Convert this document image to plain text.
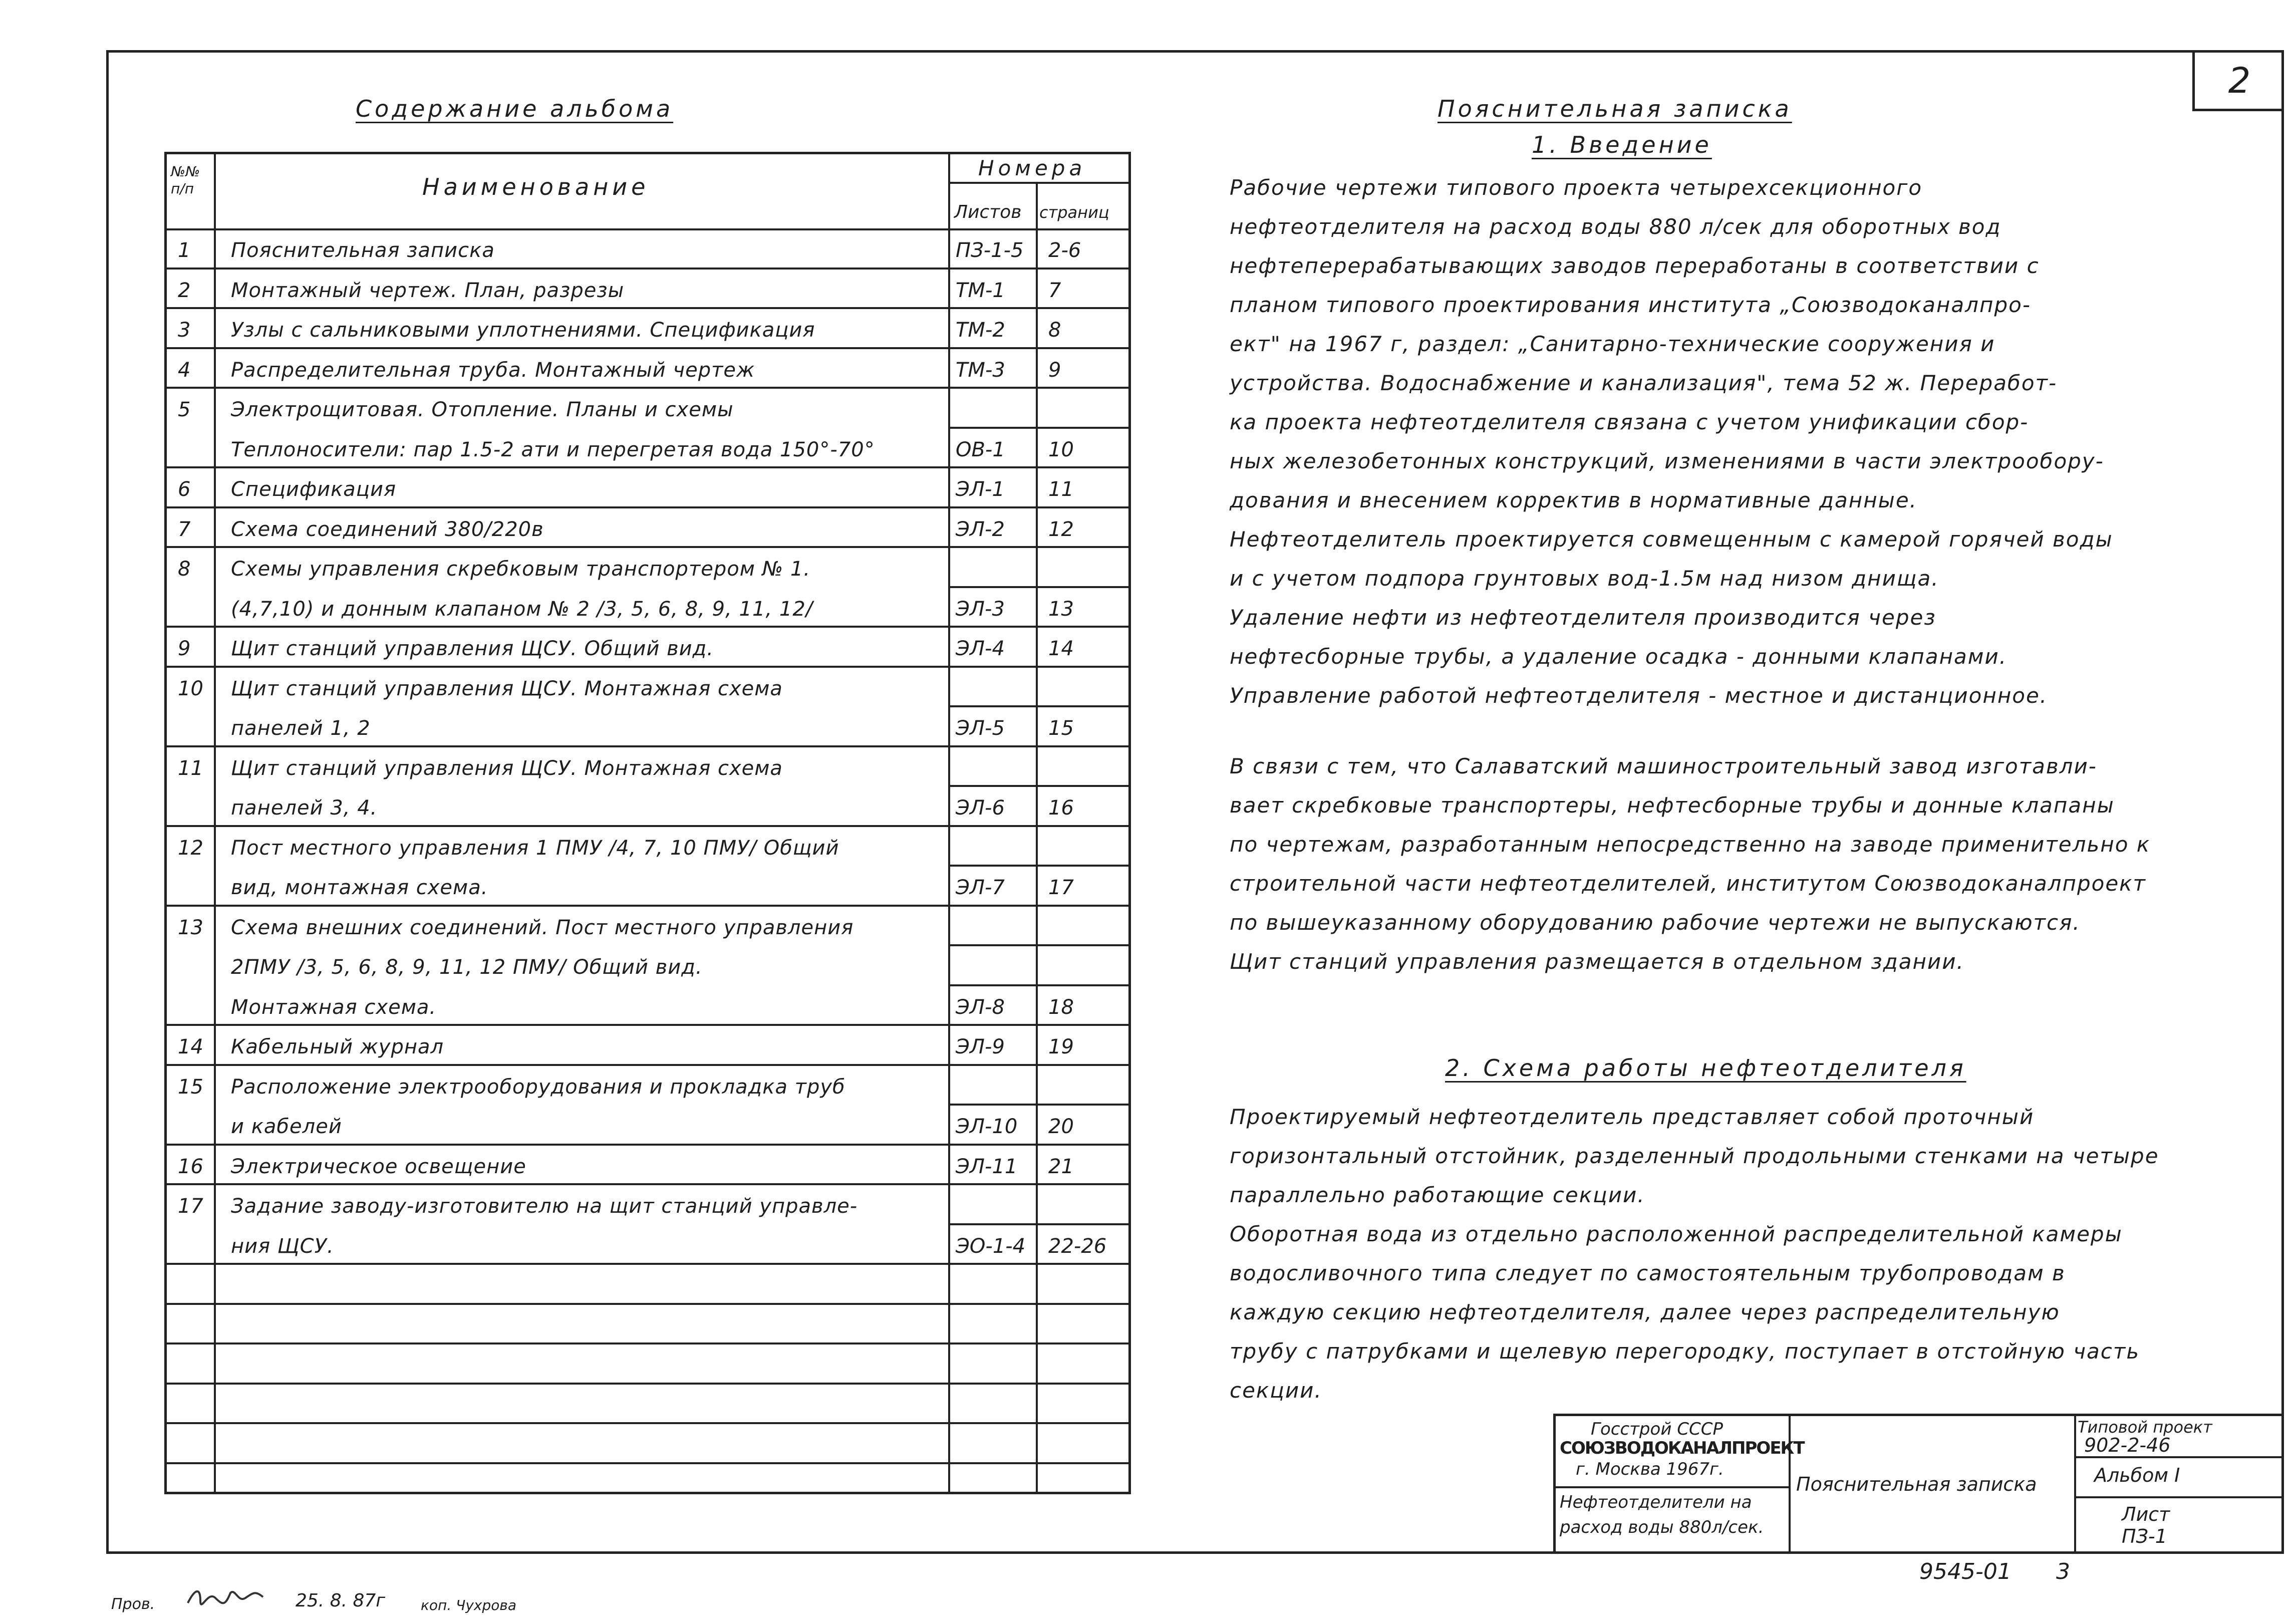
2
Содержание альбома
№№ п/п	Наименование
Номера
Листов страниц
1 Пояснительная записка	ПЗ-1-5 2-6
2 Монтажный чертеж. План, разрезы	ТМ-1 7
3 Узлы с сальниковыми уплотнениями. Спецификация	ТМ-2 8
4 Распределительная труба. Монтажный чертеж	ТМ-3 9
5 Электрощитовая. Отопление. Планы и схемы
Теплоносители: пар 1.5-2 ати и перегретая вода 150°-70°	ОВ-1 10
6 Спецификация	ЭЛ-1 11
7 Схема соединений 380/220в	ЭЛ-2 12
8 Схемы управления скребковым транспортером № 1.
(4,7,10) и донным клапаном № 2 /3, 5, 6, 8, 9, 11, 12/	ЭЛ-3 13
9 Щит станций управления ЩСУ. Общий вид.	ЭЛ-4 14
10 Щит станций управления ЩСУ. Монтажная схема
панелей 1, 2	ЭЛ-5 15
11 Щит станций управления ЩСУ. Монтажная схема
панелей 3, 4.	ЭЛ-6 16
12 Пост местного управления 1 ПМУ /4, 7, 10 ПМУ/ Общий
вид, монтажная схема.	ЭЛ-7 17
13 Схема внешних соединений. Пост местного управления
2ПМУ /3, 5, 6, 8, 9, 11, 12 ПМУ/ Общий вид.
Монтажная схема.	ЭЛ-8 18
14 Кабельный журнал	ЭЛ-9 19
15 Расположение электрооборудования и прокладка труб
и кабелей	ЭЛ-10 20
16 Электрическое освещение	ЭЛ-11 21
17 Задание заводу-изготовителю на щит станций управле-
ния ЩСУ.	ЭО-1-4 22-26
Пояснительная записка
1. Введение
Рабочие чертежи типового проекта четырехсекционного
нефтеотделителя на расход воды 880 л/сек для оборотных вод
нефтеперерабатывающих заводов переработаны в соответствии с
планом типового проектирования института „Союзводоканалпро-
ект" на 1967 г, раздел: „Санитарно-технические сооружения и
устройства. Водоснабжение и канализация", тема 52 ж. Переработ-
ка проекта нефтеотделителя связана с учетом унификации сбор-
ных железобетонных конструкций, изменениями в части электрообору-
дования и внесением корректив в нормативные данные.
Нефтеотделитель проектируется совмещенным с камерой горячей воды
и с учетом подпора грунтовых вод-1.5м над низом днища.
Удаление нефти из нефтеотделителя производится через
нефтесборные трубы, а удаление осадка - донными клапанами.
Управление работой нефтеотделителя - местное и дистанционное.
В связи с тем, что Салаватский машиностроительный завод изготавли-
вает скребковые транспортеры, нефтесборные трубы и донные клапаны
по чертежам, разработанным непосредственно на заводе применительно к
строительной части нефтеотделителей, институтом Союзводоканалпроект
по вышеуказанному оборудованию рабочие чертежи не выпускаются.
Щит станций управления размещается в отдельном здании.
2. Схема работы нефтеотделителя
Проектируемый нефтеотделитель представляет собой проточный
горизонтальный отстойник, разделенный продольными стенками на четыре
параллельно работающие секции.
Оборотная вода из отдельно расположенной распределительной камеры
водосливочного типа следует по самостоятельным трубопроводам в
каждую секцию нефтеотделителя, далее через распределительную
трубу с патрубками и щелевую перегородку, поступает в отстойную часть
секции.
Госстрой СССР
СОЮЗВОДОКАНАЛПРОЕКТ
г. Москва 1967г.
Нефтеотделители на
расход воды 880л/сек.
Пояснительная записка
Типовой проект
902-2-46
Альбом I
Лист
ПЗ-1
9545-01 3
Пров.	25. 8. 87г	коп. Чухрова
